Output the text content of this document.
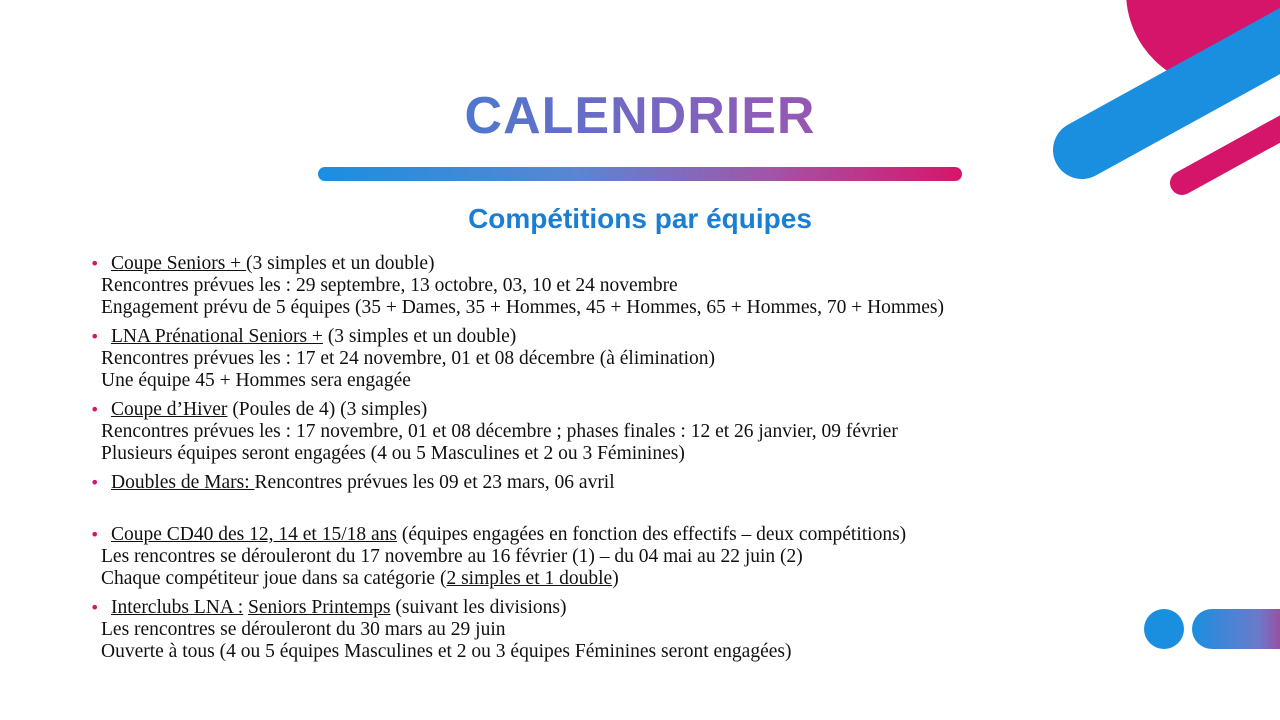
CALENDRIER
Compétitions par équipes
• Coupe Seniors + (3 simples et un double)
Rencontres prévues les : 29 septembre, 13 octobre, 03, 10 et 24 novembre
Engagement prévu de 5 équipes (35 + Dames, 35 + Hommes, 45 + Hommes, 65 + Hommes, 70 + Hommes)
• LNA Prénational Seniors + (3 simples et un double)
Rencontres prévues les : 17 et 24 novembre, 01 et 08 décembre (à élimination)
Une équipe 45 + Hommes sera engagée
• Coupe d’Hiver (Poules de 4) (3 simples)
Rencontres prévues les : 17 novembre, 01 et 08 décembre ; phases finales : 12 et 26 janvier, 09 février
Plusieurs équipes seront engagées (4 ou 5 Masculines et 2 ou 3 Féminines)
• Doubles de Mars: Rencontres prévues les 09 et 23 mars, 06 avril
• Coupe CD40 des 12, 14 et 15/18 ans (équipes engagées en fonction des effectifs – deux compétitions)
Les rencontres se dérouleront du 17 novembre au 16 février (1) – du 04 mai au 22 juin (2)
Chaque compétiteur joue dans sa catégorie (2 simples et 1 double)
• Interclubs LNA : Seniors Printemps (suivant les divisions)
Les rencontres se dérouleront du 30 mars au 29 juin
Ouverte à tous (4 ou 5 équipes Masculines et 2 ou 3 équipes Féminines seront engagées)
